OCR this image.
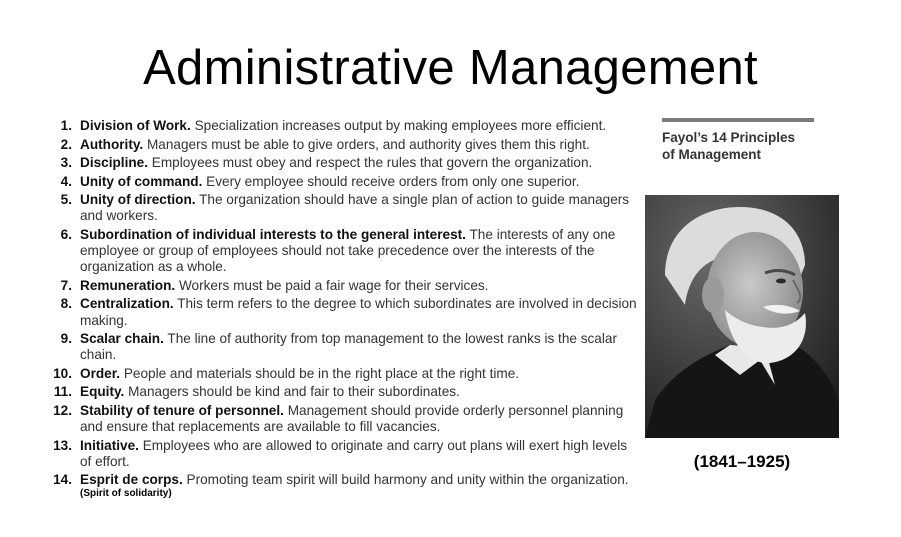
Administrative Management
1. Division of Work. Specialization increases output by making employees more efficient.
2. Authority. Managers must be able to give orders, and authority gives them this right.
3. Discipline. Employees must obey and respect the rules that govern the organization.
4. Unity of command. Every employee should receive orders from only one superior.
5. Unity of direction. The organization should have a single plan of action to guide managers and workers.
6. Subordination of individual interests to the general interest. The interests of any one employee or group of employees should not take precedence over the interests of the organization as a whole.
7. Remuneration. Workers must be paid a fair wage for their services.
8. Centralization. This term refers to the degree to which subordinates are involved in decision making.
9. Scalar chain. The line of authority from top management to the lowest ranks is the scalar chain.
10. Order. People and materials should be in the right place at the right time.
11. Equity. Managers should be kind and fair to their subordinates.
12. Stability of tenure of personnel. Management should provide orderly personnel planning and ensure that replacements are available to fill vacancies.
13. Initiative. Employees who are allowed to originate and carry out plans will exert high levels of effort.
14. Esprit de corps. Promoting team spirit will build harmony and unity within the organization.
(Spirit of solidarity)
Fayol’s 14 Principles
of Management
(1841–1925)
